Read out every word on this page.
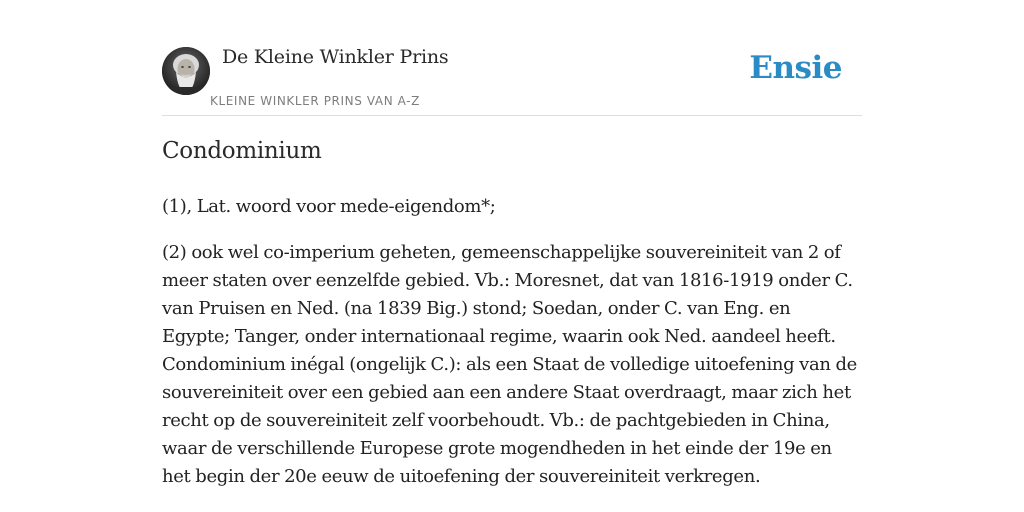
De Kleine Winkler Prins
KLEINE WINKLER PRINS VAN A-Z
Ensie
Condominium

(1), Lat. woord voor mede-eigendom*;

(2) ook wel co-imperium geheten, gemeenschappelijke souvereiniteit van 2 of meer staten over eenzelfde gebied. Vb.: Moresnet, dat van 1816-1919 onder C. van Pruisen en Ned. (na 1839 Big.) stond; Soedan, onder C. van Eng. en Egypte; Tanger, onder internationaal regime, waarin ook Ned. aandeel heeft. Condominium inégal (ongelijk C.): als een Staat de volledige uitoefening van de souvereiniteit over een gebied aan een andere Staat overdraagt, maar zich het recht op de souvereiniteit zelf voorbehoudt. Vb.: de pachtgebieden in China, waar de verschillende Europese grote mogendheden in het einde der 19e en het begin der 20e eeuw de uitoefening der souvereiniteit verkregen.
